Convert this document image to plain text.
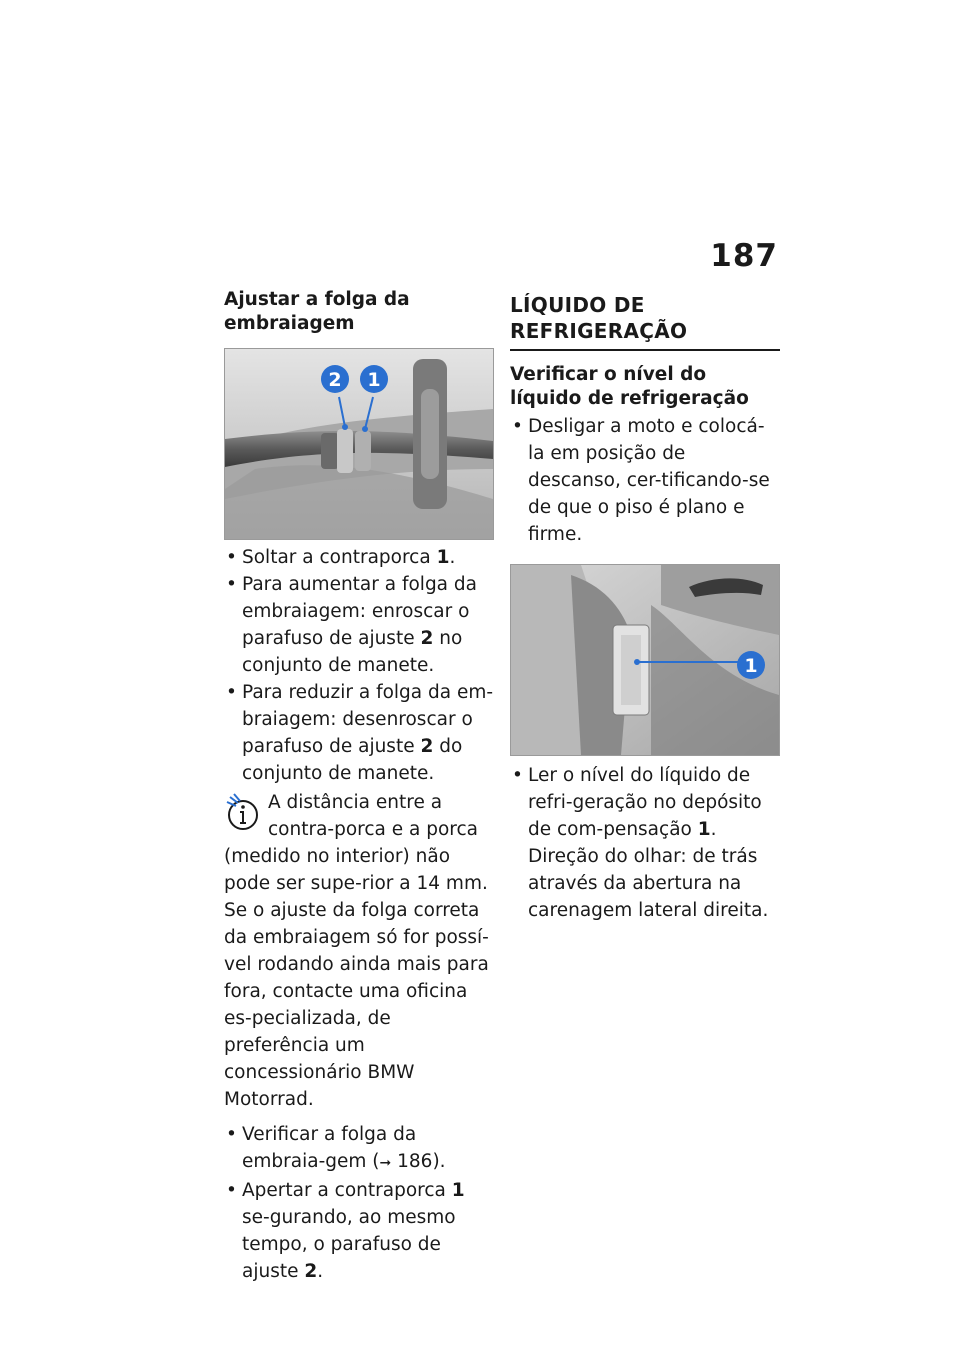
187
Ajustar a folga da
embraiagem
2 1
• Soltar a contraporca 1.
• Para aumentar a folga da embraiagem: enroscar o parafuso de ajuste 2 no conjunto de manete.
• Para reduzir a folga da embraiagem: desenroscar o parafuso de ajuste 2 do conjunto de manete.
A distância entre a contra-porca e a porca (medido no interior) não pode ser supe-rior a 14 mm.

Se o ajuste da folga correta da embraiagem só for possí-vel rodando ainda mais para fora, contacte uma oficina es-pecializada, de preferência um concessionário BMW Motorrad.

• Verificar a folga da embraia-gem (➞ 186).
• Apertar a contraporca 1 se-gurando, ao mesmo tempo, o parafuso de ajuste 2.
LÍQUIDO DE REFRIGERAÇÃO
Verificar o nível do líquido de refrigeração
• Desligar a moto e colocá-la em posição de descanso, cer-tificando-se de que o piso é plano e firme.
1
• Ler o nível do líquido de refri-geração no depósito de com-pensação 1. Direção do olhar: de trás através da abertura na carenagem lateral direita.
